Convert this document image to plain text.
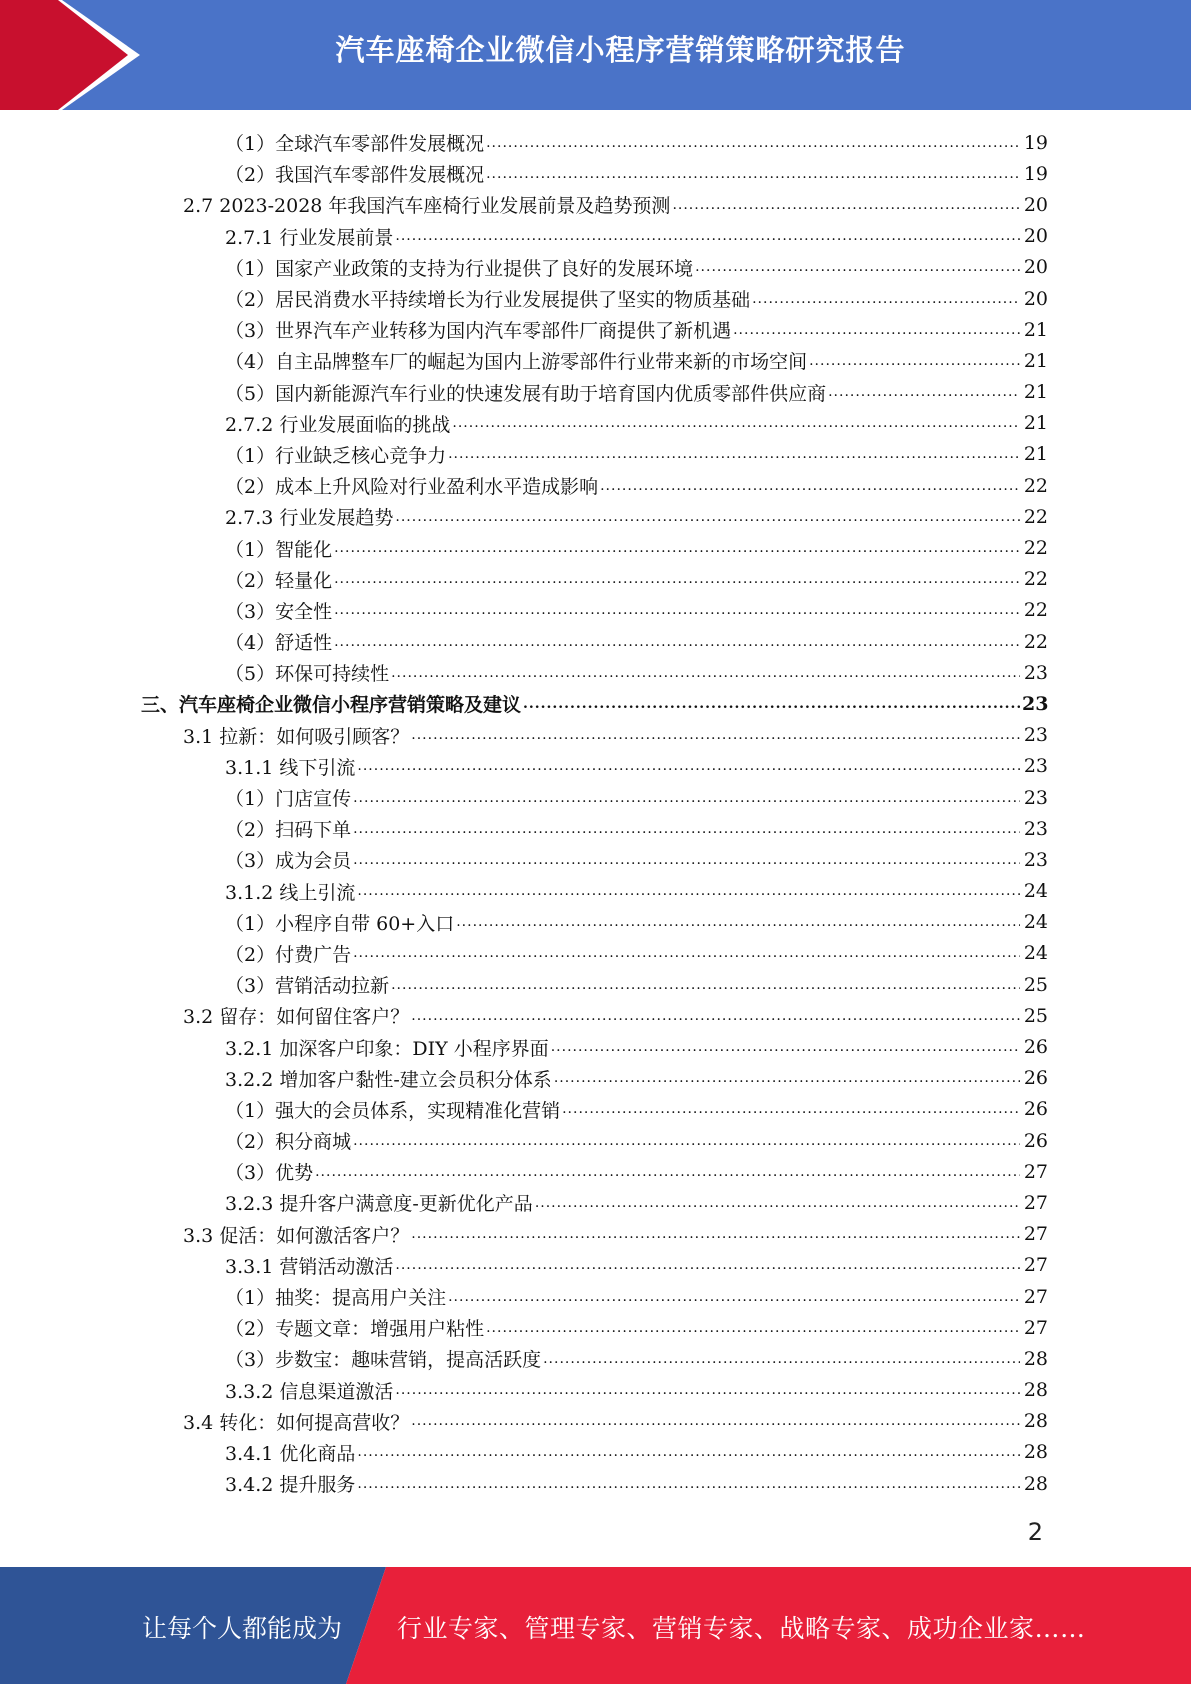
汽车座椅企业微信小程序营销策略研究报告
（1）全球汽车零部件发展概况 .....	19
（2）我国汽车零部件发展概况 .....	19
2.7 2023-2028 年我国汽车座椅行业发展前景及趋势预测 .....	20
2.7.1 行业发展前景 .....	20
（1）国家产业政策的支持为行业提供了良好的发展环境 .....	20
（2）居民消费水平持续增长为行业发展提供了坚实的物质基础 .....	20
（3）世界汽车产业转移为国内汽车零部件厂商提供了新机遇 .....	21
（4）自主品牌整车厂的崛起为国内上游零部件行业带来新的市场空间 .....	21
（5）国内新能源汽车行业的快速发展有助于培育国内优质零部件供应商 .....	21
2.7.2 行业发展面临的挑战 .....	21
（1）行业缺乏核心竞争力 .....	21
（2）成本上升风险对行业盈利水平造成影响 .....	22
2.7.3 行业发展趋势 .....	22
（1）智能化 .....	22
（2）轻量化 .....	22
（3）安全性 .....	22
（4）舒适性 .....	22
（5）环保可持续性 .....	23
三、汽车座椅企业微信小程序营销策略及建议 .....	23
3.1 拉新：如何吸引顾客？ .....	23
3.1.1 线下引流 .....	23
（1）门店宣传 .....	23
（2）扫码下单 .....	23
（3）成为会员 .....	23
3.1.2 线上引流 .....	24
（1）小程序自带 60+入口 .....	24
（2）付费广告 .....	24
（3）营销活动拉新 .....	25
3.2 留存：如何留住客户？ .....	25
3.2.1 加深客户印象：DIY 小程序界面 .....	26
3.2.2 增加客户黏性-建立会员积分体系 .....	26
（1）强大的会员体系，实现精准化营销 .....	26
（2）积分商城 .....	26
（3）优势 .....	27
3.2.3 提升客户满意度-更新优化产品 .....	27
3.3 促活：如何激活客户？ .....	27
3.3.1 营销活动激活 .....	27
（1）抽奖：提高用户关注 .....	27
（2）专题文章：增强用户粘性 .....	27
（3）步数宝：趣味营销，提高活跃度 .....	28
3.3.2 信息渠道激活 .....	28
3.4 转化：如何提高营收？ .....	28
3.4.1 优化商品 .....	28
3.4.2 提升服务 .....	28
2
让每个人都能成为 行业专家、管理专家、营销专家、战略专家、成功企业家……
